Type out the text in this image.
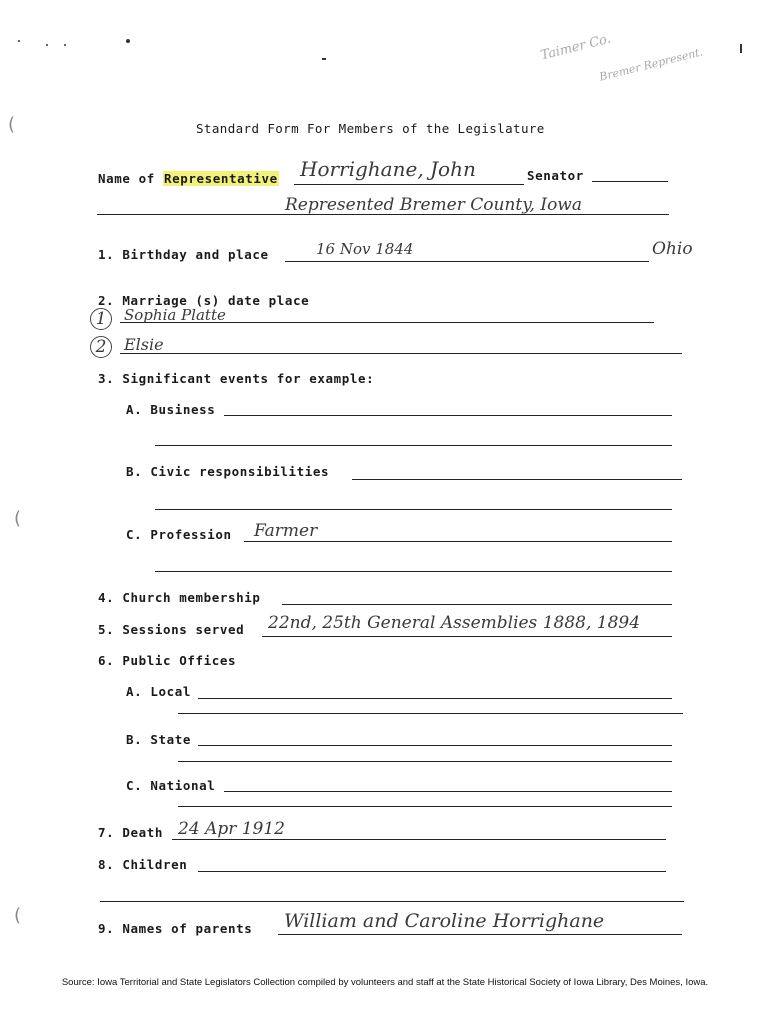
(
(
(
Taimer Co.
Bremer Represent.
Standard Form For Members of the Legislature
Name of Representative Horrighane, John	Senator
Represented Bremer County, Iowa
1. Birthday and place	16 Nov 1844	Ohio
2. Marriage (s) date place
1	Sophia Platte
2	Elsie
3. Significant events for example:
A. Business
B. Civic responsibilities
C. Profession Farmer
4. Church membership
5. Sessions served 22nd, 25th General Assemblies 1888, 1894
6. Public Offices
A. Local
B. State
C. National
7. Death 24 Apr 1912
8. Children
9. Names of parents William and Caroline Horrighane
Source: Iowa Territorial and State Legislators Collection compiled by volunteers and staff at the State Historical Society of Iowa Library, Des Moines, Iowa.
